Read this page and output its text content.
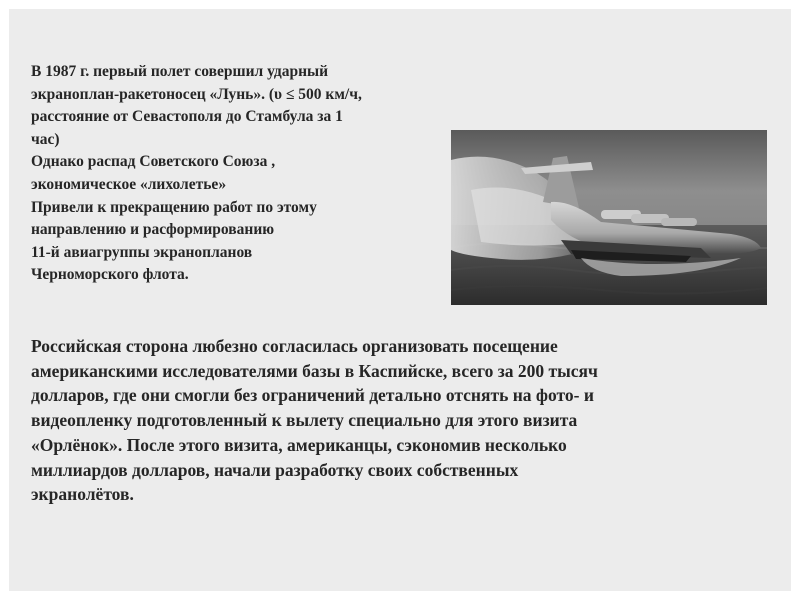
В 1987 г. первый полет совершил ударный
экраноплан-ракетоносец «Лунь». (υ ≤ 500 км/ч,
расстояние от Севастополя до Стамбула за 1
час)
Однако распад Советского Союза ,
экономическое «лихолетье»
Привели к прекращению работ по этому
направлению и расформированию
11-й авиагруппы экранопланов
Черноморского флота.

Российская сторона любезно согласилась организовать посещение
американскими исследователями базы в Каспийске, всего за 200 тысяч
долларов, где они смогли без ограничений детально отснять на фото- и
видеопленку подготовленный к вылету специально для этого визита
«Орлёнок». После этого визита, американцы, сэкономив несколько
миллиардов долларов, начали разработку своих собственных
экранолётов.
